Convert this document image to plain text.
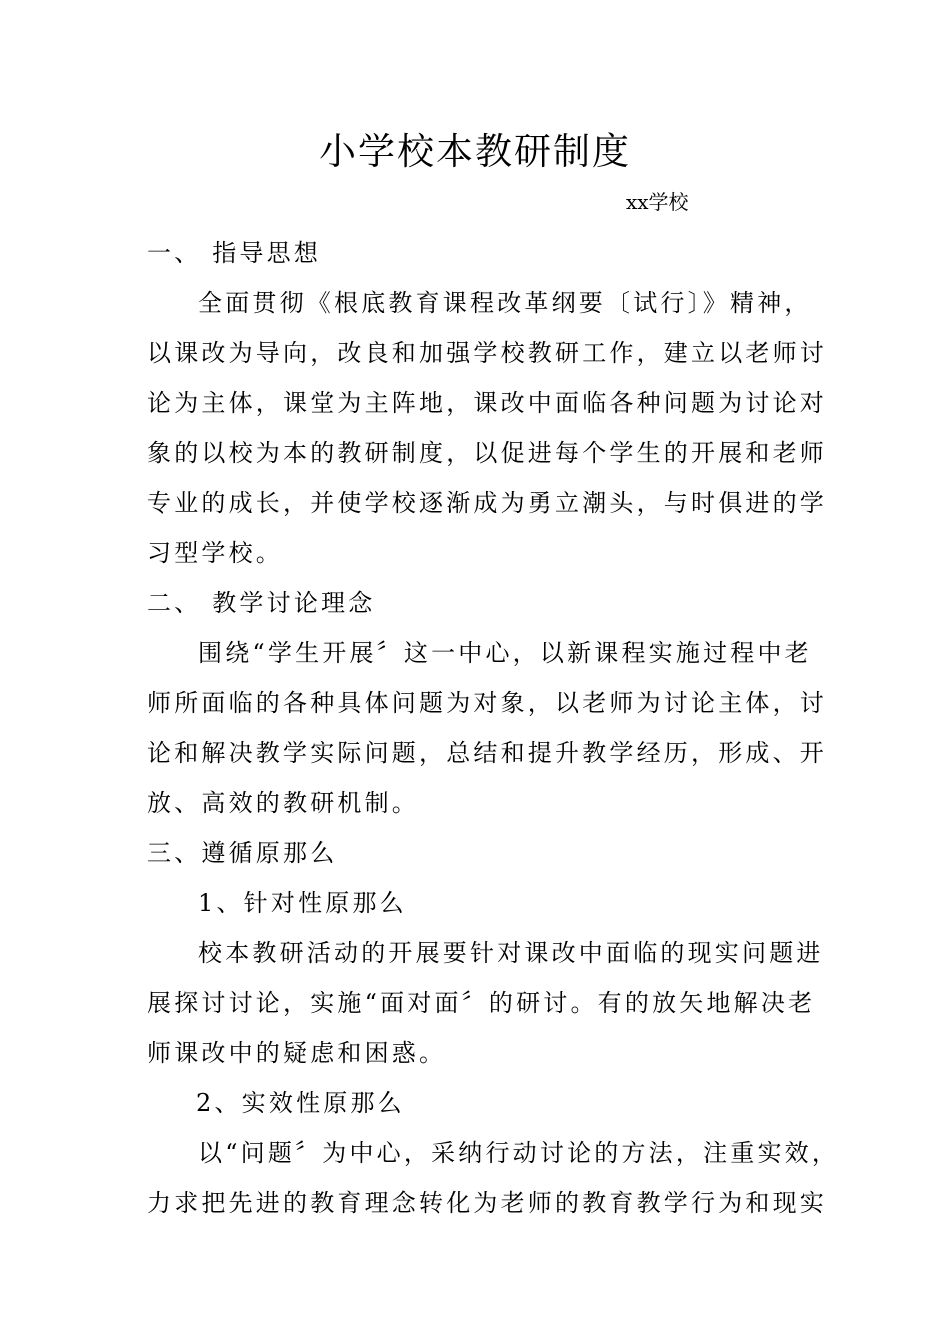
小学校本教研制度
xx学校
一、 指导思想
全面贯彻《根底教育课程改革纲要〔试行〕》精神，
以课改为导向，改良和加强学校教研工作，建立以老师讨
论为主体，课堂为主阵地，课改中面临各种问题为讨论对
象的以校为本的教研制度，以促进每个学生的开展和老师
专业的成长，并使学校逐渐成为勇立潮头，与时俱进的学
习型学校。
二、 教学讨论理念
围绕“学生开展〞这一中心，以新课程实施过程中老
师所面临的各种具体问题为对象，以老师为讨论主体，讨
论和解决教学实际问题，总结和提升教学经历，形成、开
放、高效的教研机制。
三、遵循原那么
1、针对性原那么
校本教研活动的开展要针对课改中面临的现实问题进
展探讨讨论，实施“面对面〞的研讨。有的放矢地解决老
师课改中的疑虑和困惑。
2、实效性原那么
以“问题〞为中心，采纳行动讨论的方法，注重实效，
力求把先进的教育理念转化为老师的教育教学行为和现实
